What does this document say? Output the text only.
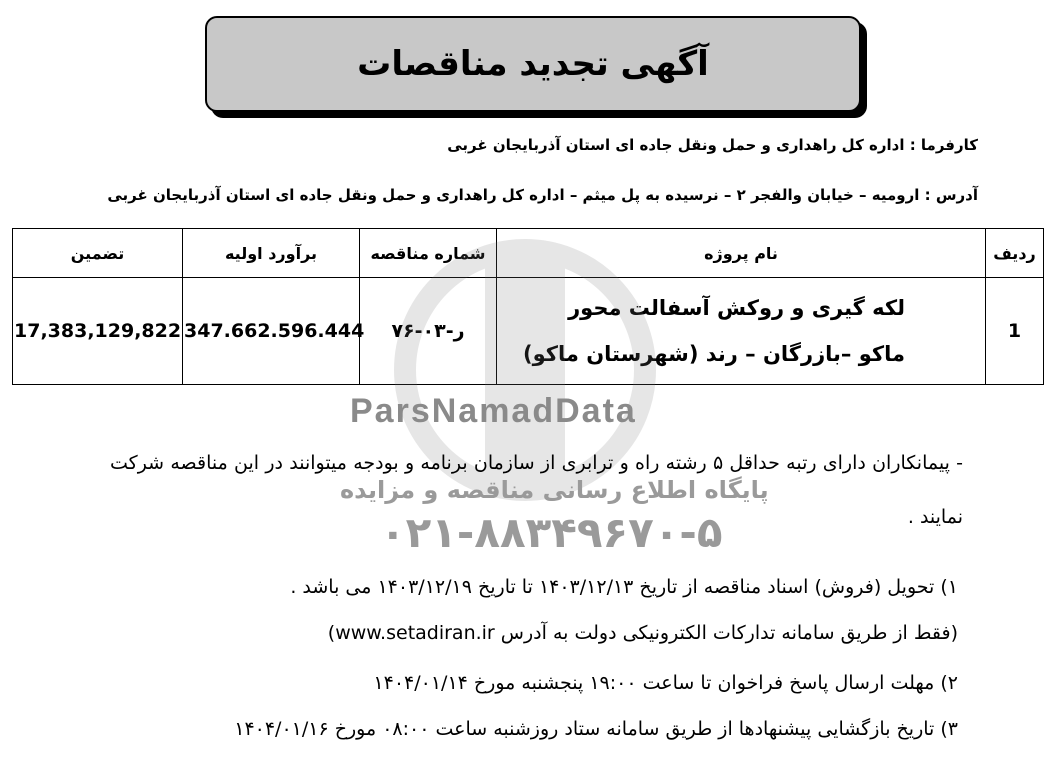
آگهی تجدید مناقصات
کارفرما : اداره کل راهداری و حمل ونقل جاده ای استان آذربایجان غربی
آدرس : ارومیه – خیابان والفجر ۲ – نرسیده به پل میثم – اداره کل راهداری و حمل ونقل جاده ای استان آذربایجان غربی
ردیف	نام پروژه	شماره مناقصه	برآورد اولیه	تضمین
1	لکه گیری و روکش آسفالت محور
ماکو –بازرگان – رند (شهرستان ماکو)	۷۶-ر-۰۳	347.662.596.444	17,383,129,822
ParsNamadData
پایگاه اطلاع رسانی مناقصه و مزایده
۰۲۱-۸۸۳۴۹۶۷۰-۵
- پیمانکاران دارای رتبه حداقل ۵ رشته راه و ترابری از سازمان برنامه و بودجه میتوانند در این مناقصه شرکت نمایند .
۱) تحویل (فروش) اسناد مناقصه از تاریخ ۱۴۰۳/۱۲/۱۳ تا تاریخ ۱۴۰۳/۱۲/۱۹ می باشد .
(فقط از طریق سامانه تدارکات الکترونیکی دولت به آدرس www.setadiran.ir)
۲) مهلت ارسال پاسخ فراخوان تا ساعت ۱۹:۰۰ پنجشنبه مورخ ۱۴۰۴/۰۱/۱۴
۳) تاریخ بازگشایی پیشنهادها از طریق سامانه ستاد روزشنبه ساعت ۰۸:۰۰ مورخ ۱۴۰۴/۰۱/۱۶
